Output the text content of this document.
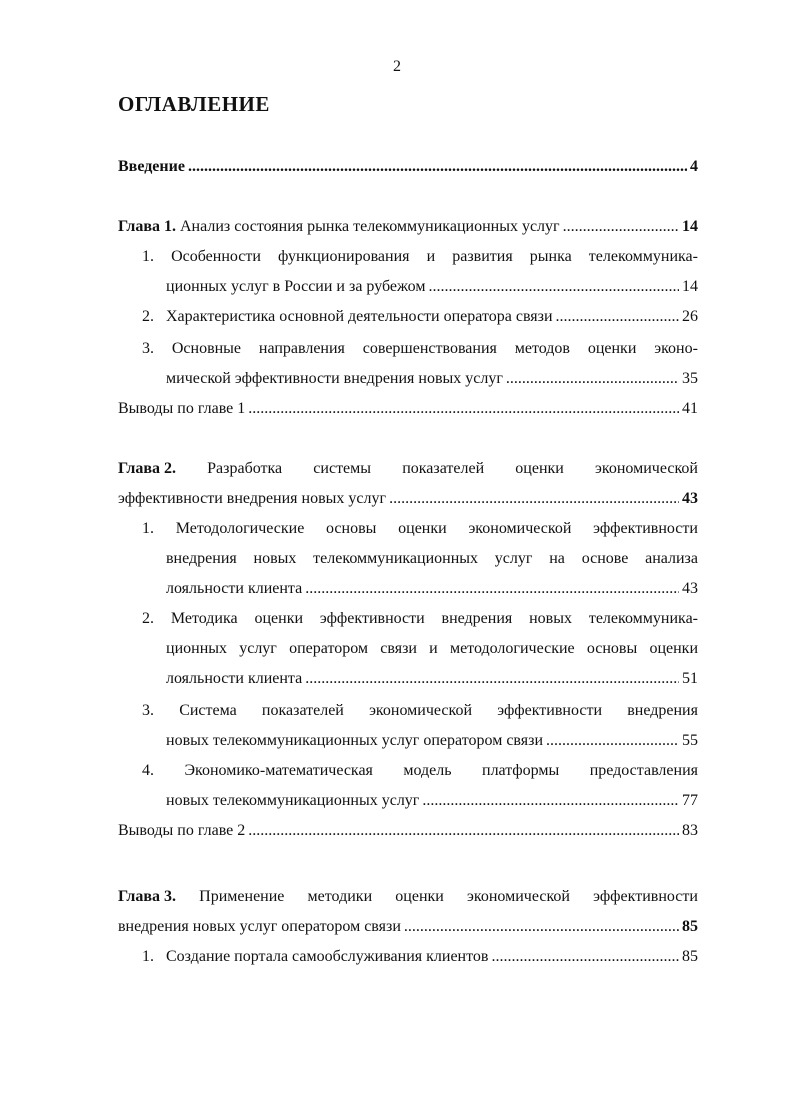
2
ОГЛАВЛЕНИЕ
Введение .....	4
Глава 1. Анализ состояния рынка телекоммуникационных услуг .....	14
1. Особенности функционирования и развития рынка телекоммуника-
ционных услуг в России и за рубежом .....	14
2. Характеристика основной деятельности оператора связи .....	26
3. Основные направления совершенствования методов оценки эконо-
мической эффективности внедрения новых услуг .....	35
Выводы по главе 1 .....	41
Глава 2. Разработка системы показателей оценки экономической
эффективности внедрения новых услуг .....	43
1. Методологические основы оценки экономической эффективности
внедрения новых телекоммуникационных услуг на основе анализа
лояльности клиента .....	43
2. Методика оценки эффективности внедрения новых телекоммуника-
ционных услуг оператором связи и методологические основы оценки
лояльности клиента .....	51
3. Система показателей экономической эффективности внедрения
новых телекоммуникационных услуг оператором связи .....	55
4. Экономико-математическая модель платформы предоставления
новых телекоммуникационных услуг .....	77
Выводы по главе 2 .....	83
Глава 3. Применение методики оценки экономической эффективности
внедрения новых услуг оператором связи .....	85
1. Создание портала самообслуживания клиентов .....	85
